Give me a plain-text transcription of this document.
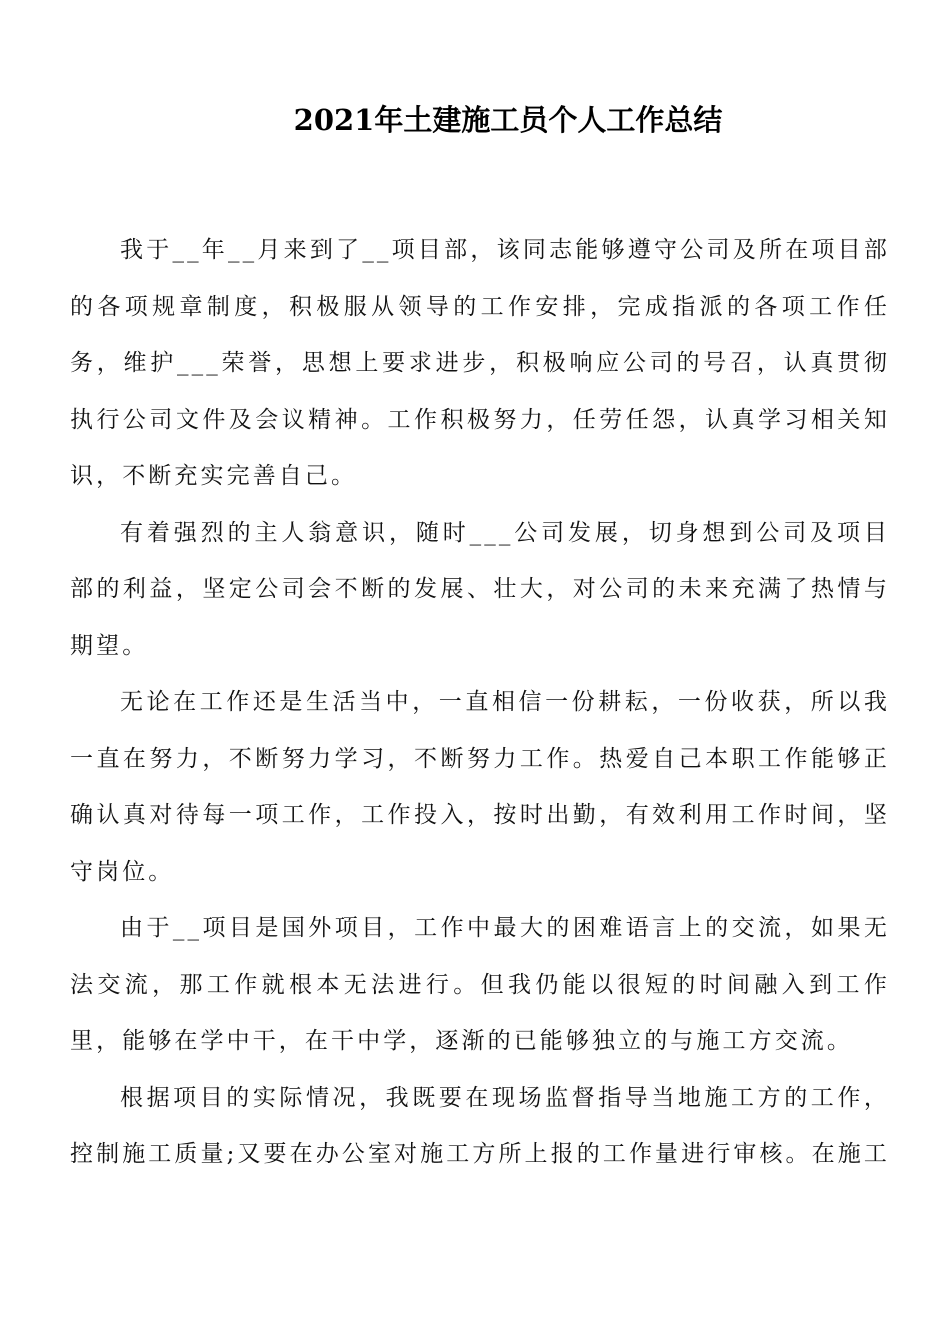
2021年土建施工员个人工作总结

我于__年__月来到了__项目部，该同志能够遵守公司及所在项目部的各项规章制度，积极服从领导的工作安排，完成指派的各项工作任务，维护___荣誉，思想上要求进步，积极响应公司的号召，认真贯彻执行公司文件及会议精神。工作积极努力，任劳任怨，认真学习相关知识，不断充实完善自己。

有着强烈的主人翁意识，随时___公司发展，切身想到公司及项目部的利益，坚定公司会不断的发展、壮大，对公司的未来充满了热情与期望。

无论在工作还是生活当中，一直相信一份耕耘，一份收获，所以我一直在努力，不断努力学习，不断努力工作。热爱自己本职工作能够正确认真对待每一项工作，工作投入，按时出勤，有效利用工作时间，坚守岗位。

由于__项目是国外项目，工作中最大的困难语言上的交流，如果无法交流，那工作就根本无法进行。但我仍能以很短的时间融入到工作里，能够在学中干，在干中学，逐渐的已能够独立的与施工方交流。

根据项目的实际情况，我既要在现场监督指导当地施工方的工作，控制施工质量;又要在办公室对施工方所上报的工作量进行审核。在施工
